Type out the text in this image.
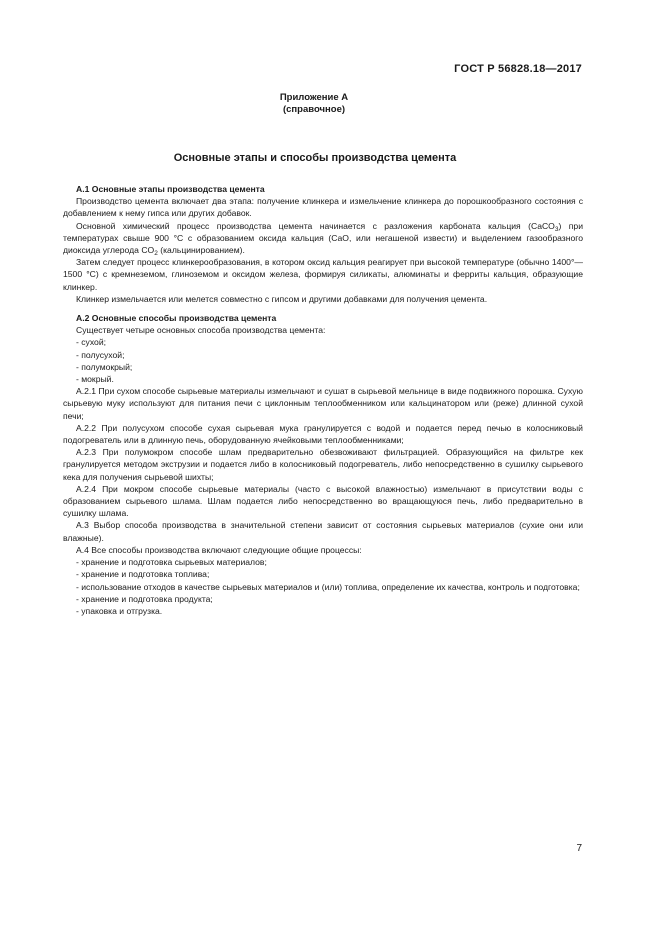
ГОСТ Р 56828.18—2017
Приложение А
(справочное)
Основные этапы и способы производства цемента

А.1 Основные этапы производства цемента

Производство цемента включает два этапа: получение клинкера и измельчение клинкера до порошкообразного состояния с добавлением к нему гипса или других добавок.

Основной химический процесс производства цемента начинается с разложения карбоната кальция (CaCO$_3$) при температурах свыше 900 °С с образованием оксида кальция (CaO, или негашеной извести) и выделением газообразного диоксида углерода $CO_2$ (кальцинированием).

Затем следует процесс клинкерообразования, в котором оксид кальция реагирует при высокой температуре (обычно 1400°—1500 °С) с кремнеземом, глиноземом и оксидом железа, формируя силикаты, алюминаты и ферриты кальция, образующие клинкер.

Клинкер измельчается или мелется совместно с гипсом и другими добавками для получения цемента.

А.2 Основные способы производства цемента

Существует четыре основных способа производства цемента:

- сухой;

- полусухой;

- полумокрый;

- мокрый.

А.2.1 При сухом способе сырьевые материалы измельчают и сушат в сырьевой мельнице в виде подвижного порошка. Сухую сырьевую муку используют для питания печи с циклонным теплообменником или кальцинатором или (реже) длинной сухой печи;

А.2.2 При полусухом способе сухая сырьевая мука гранулируется с водой и подается перед печью в колосниковый подогреватель или в длинную печь, оборудованную ячейковыми теплообменниками;

А.2.3 При полумокром способе шлам предварительно обезвоживают фильтрацией. Образующийся на фильтре кек гранулируется методом экструзии и подается либо в колосниковый подогреватель, либо непосредственно в сушилку сырьевого кека для получения сырьевой шихты;

А.2.4 При мокром способе сырьевые материалы (часто с высокой влажностью) измельчают в присутствии воды с образованием сырьевого шлама. Шлам подается либо непосредственно во вращающуюся печь, либо предварительно в сушилку шлама.

А.3 Выбор способа производства в значительной степени зависит от состояния сырьевых материалов (сухие они или влажные).

А.4 Все способы производства включают следующие общие процессы:

- хранение и подготовка сырьевых материалов;

- хранение и подготовка топлива;

- использование отходов в качестве сырьевых материалов и (или) топлива, определение их качества, контроль и подготовка;

- хранение и подготовка продукта;

- упаковка и отгрузка.

7
